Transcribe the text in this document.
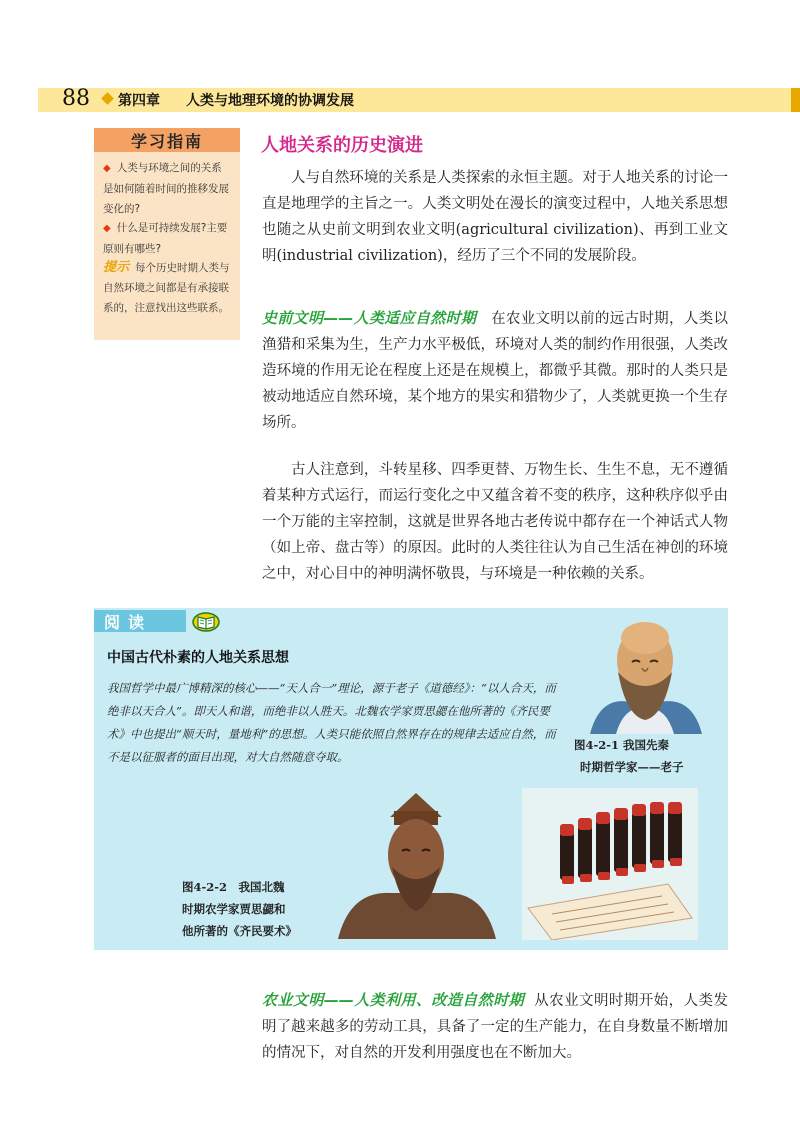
88 第四章 人类与地理环境的协调发展
学习指南
◆ 人类与环境之间的关系是如何随着时间的推移发展变化的?
◆ 什么是可持续发展?主要原则有哪些?
提示 每个历史时期人类与自然环境之间都是有承接联系的，注意找出这些联系。
人地关系的历史演进
人与自然环境的关系是人类探索的永恒主题。对于人地关系的讨论一直是地理学的主旨之一。人类文明处在漫长的演变过程中，人地关系思想也随之从史前文明到农业文明(agricultural civilization)、再到工业文明(industrial civilization)，经历了三个不同的发展阶段。
史前文明——人类适应自然时期 在农业文明以前的远古时期，人类以渔猎和采集为生，生产力水平极低，环境对人类的制约作用很强，人类改造环境的作用无论在程度上还是在规模上，都微乎其微。那时的人类只是被动地适应自然环境，某个地方的果实和猎物少了，人类就更换一个生存场所。
古人注意到，斗转星移、四季更替、万物生长、生生不息，无不遵循着某种方式运行，而运行变化之中又蕴含着不变的秩序，这种秩序似乎由一个万能的主宰控制，这就是世界各地古老传说中都存在一个神话式人物（如上帝、盘古等）的原因。此时的人类往往认为自己生活在神创的环境之中，对心目中的神明满怀敬畏，与环境是一种依赖的关系。
阅读
中国古代朴素的人地关系思想
我国哲学中最广博精深的核心——“天人合一”理论，源于老子《道德经》：“以人合天，而绝非以天合人”。即天人和谐，而绝非以人胜天。北魏农学家贾思勰在他所著的《齐民要术》中也提出“顺天时，量地利”的思想。人类只能依照自然界存在的规律去适应自然，而不是以征服者的面目出现，对大自然随意夺取。
图4-2-1 我国先秦
时期哲学家——老子
图4-2-2　我国北魏
时期农学家贾思勰和
他所著的《齐民要术》
农业文明——人类利用、改造自然时期 从农业文明时期开始，人类发明了越来越多的劳动工具，具备了一定的生产能力，在自身数量不断增加的情况下，对自然的开发利用强度也在不断加大。
